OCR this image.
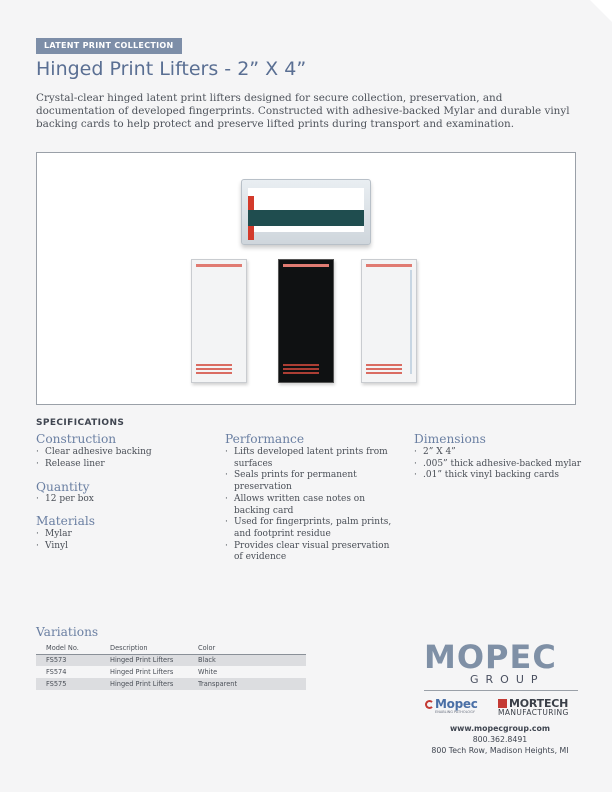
LATENT PRINT COLLECTION
Hinged Print Lifters - 2” X 4”

Crystal-clear hinged latent print lifters designed for secure collection, preservation, and documentation of developed fingerprints. Constructed with adhesive-backed Mylar and durable vinyl backing cards to help protect and preserve lifted prints during transport and examination.

SPECIFICATIONS
Construction
· Clear adhesive backing
· Release liner
Quantity
· 12 per box
Materials
· Mylar
· Vinyl
Performance
· Lifts developed latent prints from surfaces
· Seals prints for permanent preservation
· Allows written case notes on backing card
· Used for fingerprints, palm prints, and footprint residue
· Provides clear visual preservation of evidence
Dimensions
· 2” X 4”
· .005” thick adhesive-backed mylar
· .01” thick vinyl backing cards
Variations
Model No.	Description	Color
FS573	Hinged Print Lifters	Black
FS574	Hinged Print Lifters	White
FS575	Hinged Print Lifters	Transparent
MOPEC
GROUP
Mopec
ENABLING PATHOLOGY
MORTECH
MANUFACTURING
www.mopecgroup.com
800.362.8491
800 Tech Row, Madison Heights, MI
